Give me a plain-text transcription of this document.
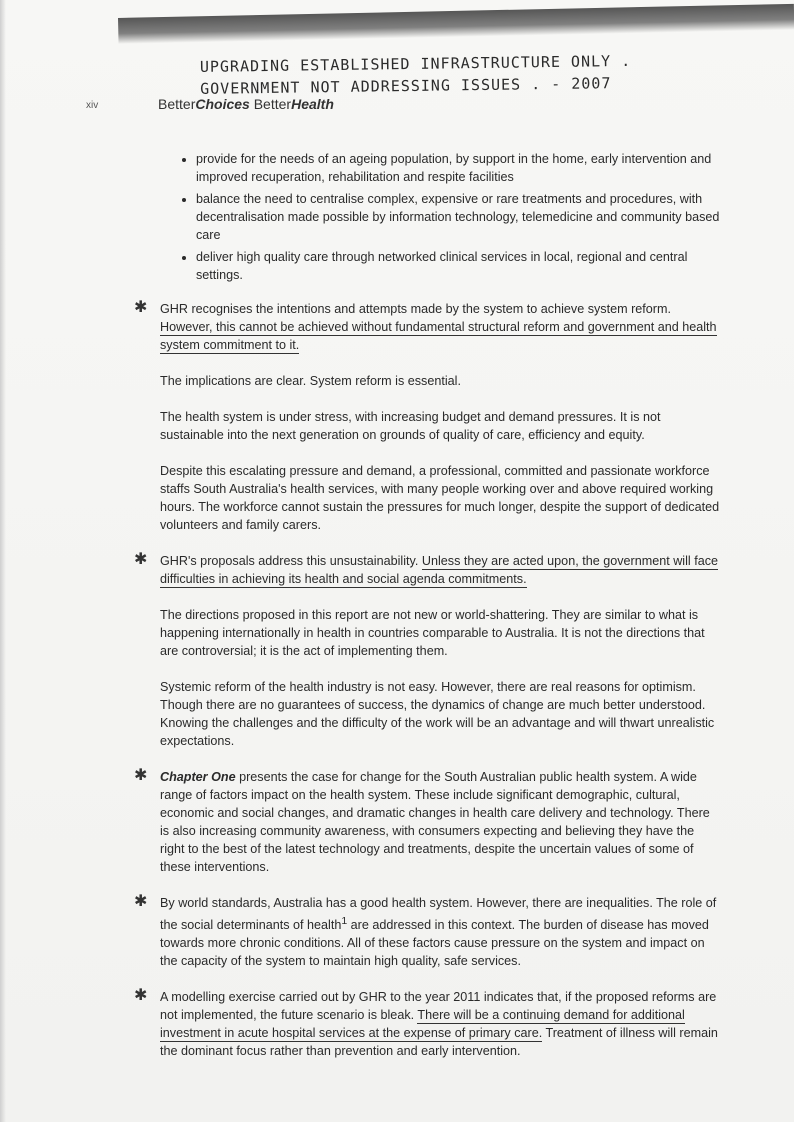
UPGRADING ESTABLISHED INFRASTRUCTURE ONLY .
GOVERNMENT NOT ADDRESSING ISSUES . - 2007
xiv	BetterChoices BetterHealth
• provide for the needs of an ageing population, by support in the home, early intervention and improved recuperation, rehabilitation and respite facilities
• balance the need to centralise complex, expensive or rare treatments and procedures, with decentralisation made possible by information technology, telemedicine and community based care
• deliver high quality care through networked clinical services in local, regional and central settings.

✱ GHR recognises the intentions and attempts made by the system to achieve system reform. However, this cannot be achieved without fundamental structural reform and government and health system commitment to it.

The implications are clear. System reform is essential.

The health system is under stress, with increasing budget and demand pressures. It is not sustainable into the next generation on grounds of quality of care, efficiency and equity.

Despite this escalating pressure and demand, a professional, committed and passionate workforce staffs South Australia's health services, with many people working over and above required working hours. The workforce cannot sustain the pressures for much longer, despite the support of dedicated volunteers and family carers.

✱ GHR's proposals address this unsustainability. Unless they are acted upon, the government will face difficulties in achieving its health and social agenda commitments.

The directions proposed in this report are not new or world-shattering. They are similar to what is happening internationally in health in countries comparable to Australia. It is not the directions that are controversial; it is the act of implementing them.

Systemic reform of the health industry is not easy. However, there are real reasons for optimism. Though there are no guarantees of success, the dynamics of change are much better understood. Knowing the challenges and the difficulty of the work will be an advantage and will thwart unrealistic expectations.

✱ Chapter One presents the case for change for the South Australian public health system. A wide range of factors impact on the health system. These include significant demographic, cultural, economic and social changes, and dramatic changes in health care delivery and technology. There is also increasing community awareness, with consumers expecting and believing they have the right to the best of the latest technology and treatments, despite the uncertain values of some of these interventions.

✱ By world standards, Australia has a good health system. However, there are inequalities. The role of the social determinants of health$^1$ are addressed in this context. The burden of disease has moved towards more chronic conditions. All of these factors cause pressure on the system and impact on the capacity of the system to maintain high quality, safe services.

✱ A modelling exercise carried out by GHR to the year 2011 indicates that, if the proposed reforms are not implemented, the future scenario is bleak. There will be a continuing demand for additional investment in acute hospital services at the expense of primary care. Treatment of illness will remain the dominant focus rather than prevention and early intervention.
